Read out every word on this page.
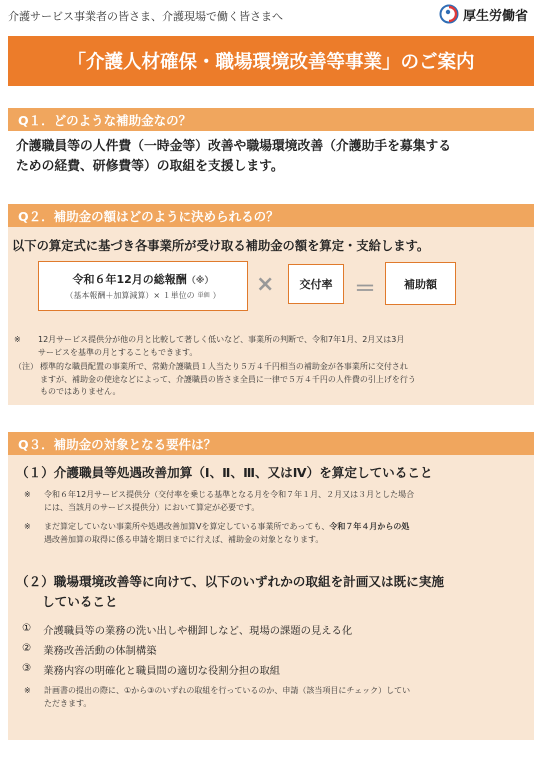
介護サービス事業者の皆さま、介護現場で働く皆さまへ	厚生労働省
「介護人材確保・職場環境改善等事業」のご案内
Q１．どのような補助金なの？
介護職員等の人件費（一時金等）改善や職場環境改善（介護助手を募集する
ための経費、研修費等）の取組を支援します。
Q２．補助金の額はどのように決められるの？
以下の算定式に基づき各事業所が受け取る補助金の額を算定・支給します。
令和６年12月の総報酬（※）
（基本報酬＋加算減算）× １単位の 単価 ） × 交付率 ＝	補助額
※ 12月サービス提供分が他の月と比較して著しく低いなど、事業所の判断で、令和7年1月、2月又は3月
サービスを基準の月とすることもできます。
（注） 標準的な職員配置の事業所で、常勤介護職員１人当たり５万４千円相当の補助金が各事業所に交付され
ますが、補助金の使途などによって、介護職員の皆さま全員に一律で５万４千円の人件費の引上げを行う
ものではありません。
Q３．補助金の対象となる要件は？
（１）介護職員等処遇改善加算（Ⅰ、Ⅱ、Ⅲ、又はⅣ）を算定していること
※ 令和６年12月サービス提供分（交付率を乗じる基準となる月を令和７年１月、２月又は３月とした場合
には、当該月のサービス提供分）において算定が必要です。
※ まだ算定していない事業所や処遇改善加算Ⅴを算定している事業所であっても、令和７年４月からの処
遇改善加算の取得に係る申請を期日までに行えば、補助金の対象となります。
（２）職場環境改善等に向けて、以下のいずれかの取組を計画又は既に実施
していること
① 介護職員等の業務の洗い出しや棚卸しなど、現場の課題の見える化
② 業務改善活動の体制構築
③ 業務内容の明確化と職員間の適切な役割分担の取組
※ 計画書の提出の際に、①から③のいずれの取組を行っているのか、申請（該当項目にチェック）してい
ただきます。
